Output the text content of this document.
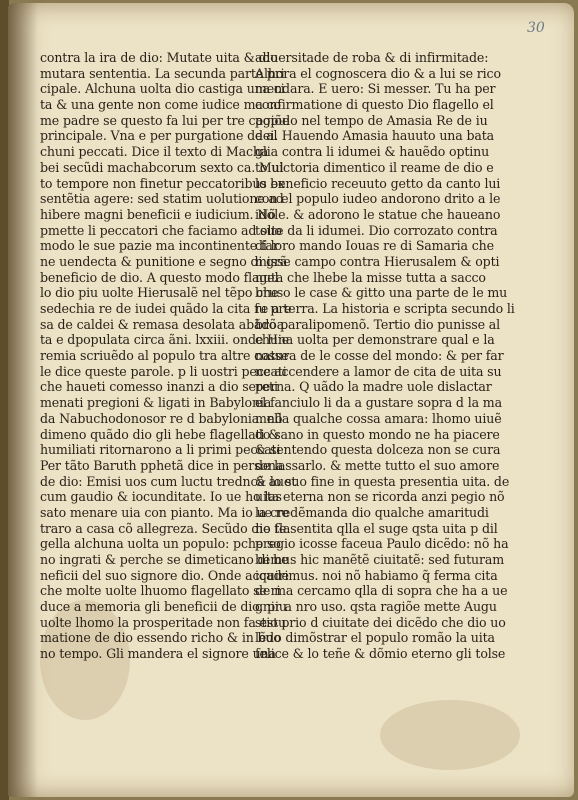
30
contra la ira de dio: Mutate uita & dio
mutara sententia. La secunda parte pri
cipale. Alchuna uolta dio castiga una ci
ta & una gente non come iudice ma co
me padre se questo fa lui per tre cagiõe
principale. Vna e per purgatione de al
chuni peccati. Dice il texto di Macha
bei secũdi machabcorum sexto ca. Mul
to tempore non finetur peccatoribus ex
sentẽtia agere: sed statim uolutione ad
hibere magni beneficii e iudicium. Nõ
pmette li peccatori che faciamo ad suo
modo le sue pazie ma incontinente far
ne uendecta & punitione e segno di grã
beneficio de dio. A questo modo flagel
lo dio piu uolte Hierusalẽ nel tẽpo che
sedechia re de iudei quãdo la cita fu pre
sa de caldei & remasa desolata abãdõa
ta e dpopulata circa ãni. lxxiii. onde Hie
remia scriuẽdo al populo tra altre cosse
le dice queste parole. p li uostri peccati
che haueti comesso inanzi a dio sereti
menati pregioni & ligati in Babylonia
da Nabuchodonosor re d babylonia. nõ
dimeno quãdo dio gli hebe flagellati &
humiliati ritornarono a li primi peccati
Per tãto Baruth pphetã dice in persona
de dio: Emisi uos cum luctu tredncã auet
cum gaudio & iocunditate. Io ue ho las
sato menare uia con pianto. Ma io ue re
traro a casa cõ allegreza. Secũdo dio fla
gella alchuna uolta un populo: pche so
no ingrati & perche se dimeticano di be
neficii del suo signore dio. Onde accade
che molte uolte lhuomo flagellato se ri
duce a memoria gli beneficii de dio. piu
uolte lhomo la prosperitade non fa estu
matione de dio essendo richo & in buo
no tempo. Gli mandera el signore una
aduersitade de roba & di infirmitade:
Alhora el cognoscera dio & a lui se rico
mendara. E uero: Si messer. Tu ha per
confirmatione di questo Dio flagello el
populo nel tempo de Amasia Re de iu
dei. Hauendo Amasia hauuto una bata
glia contra li idumei & hauẽdo optinu
to uictoria dimentico il reame de dio e
lo beneficio receuuto getto da canto lui
con el populo iudeo andorono drito a le
idole. & adorono le statue che haueano
tolte da li idumei. Dio corrozato contra
di loro mando Iouas re di Samaria che
misse campo contra Hierusalem & opti
nuta che lhebe la misse tutta a sacco
bruso le case & gitto una parte de le mu
re a terra. La historia e scripta secundo li
bro paralipomenõ. Tertio dio punisse al
chuna uolta per demonstrare qual e la
natura de le cosse del mondo: & per far
ne accendere a lamor de cita de uita su
perna. Q uãdo la madre uole dislactar
el fanciulo li da a gustare sopra d la ma
mella qualche cossa amara: lhomo uiuẽ
do sano in questo mondo ne ha piacere
& sentendo questa dolceza non se cura
de lassarlo. & mette tutto el suo amore
& lo suo fine in questa presentia uita. de
uita eterna non se ricorda anzi pegio nõ
la credẽmanda dio qualche amaritudi
ne te sentita qlla el suge qsta uita p dil
pregio icosse faceua Paulo dicẽdo: nõ ha
bemus hic manẽtẽ ciuitatẽ: sed futuram
iquirimus. noi nõ habiamo q̃ ferma cita
de ma cercamo qlla di sopra che ha a ue
gnir a nro uso. qsta ragiõe mette Augu
stio prio d ciuitate dei dicẽdo che dio uo
lẽdo dimõstrar el populo romão la uita
felice & lo teñe & dõmio eterno gli tolse
